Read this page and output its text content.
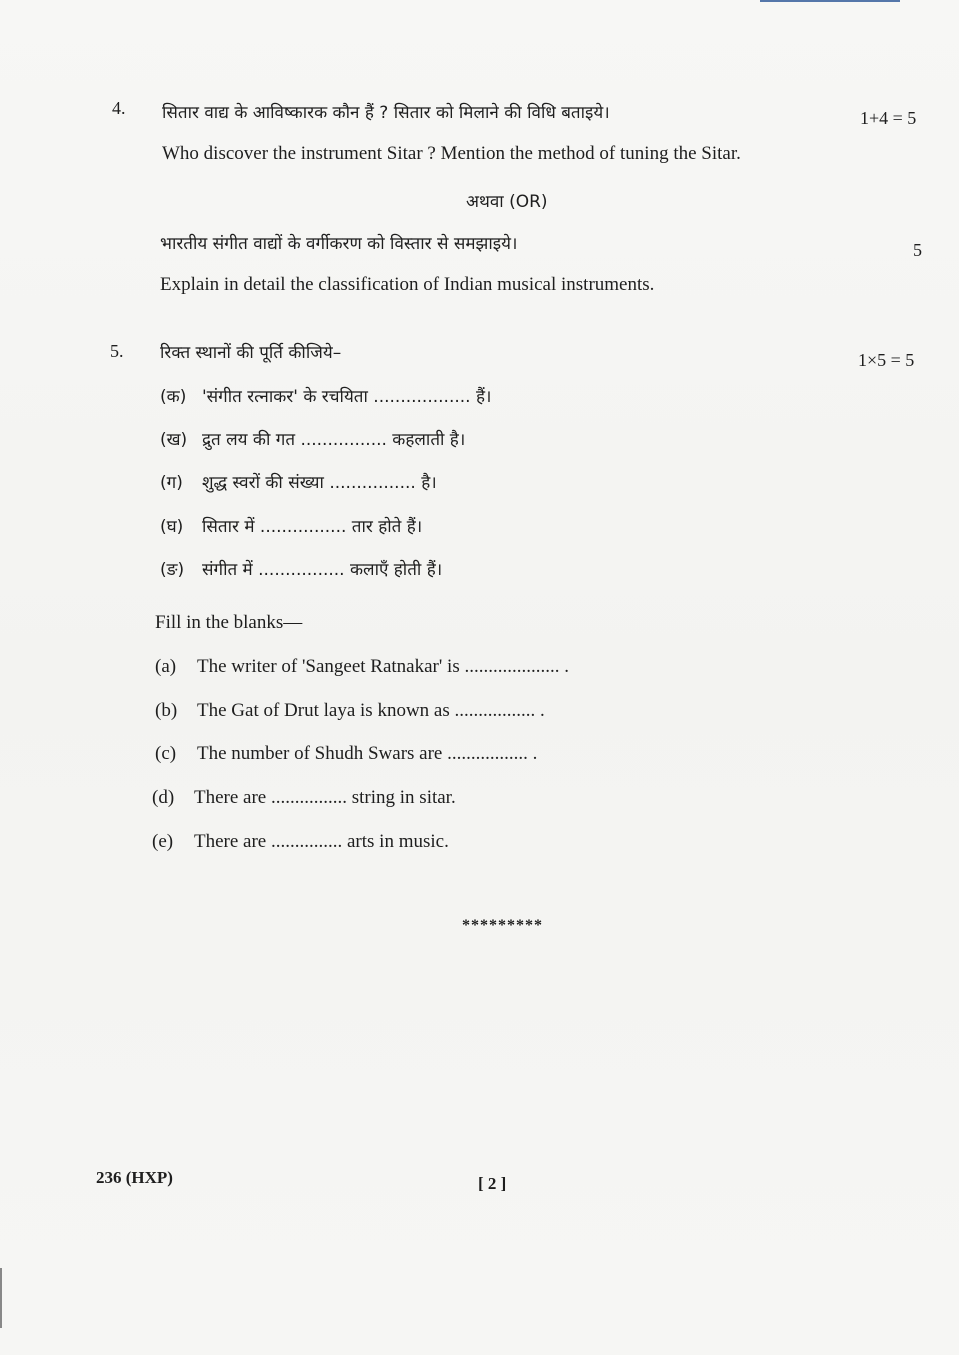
4. सितार वाद्य के आविष्कारक कौन हैं ? सितार को मिलाने की विधि बताइये।	1+4 = 5
Who discover the instrument Sitar ? Mention the method of tuning the Sitar.
अथवा (OR)
भारतीय संगीत वाद्यों के वर्गीकरण को विस्तार से समझाइये।	5
Explain in detail the classification of Indian musical instruments.
5. रिक्त स्थानों की पूर्ति कीजिये–	1×5 = 5
(क) 'संगीत रत्नाकर' के रचयिता .................. हैं।
(ख) द्रुत लय की गत ................ कहलाती है।
(ग) शुद्ध स्वरों की संख्या ................ है।
(घ) सितार में ................ तार होते हैं।
(ङ) संगीत में ................ कलाएँ होती हैं।
Fill in the blanks—
(a) The writer of 'Sangeet Ratnakar' is .................... .
(b) The Gat of Drut laya is known as ................. .
(c) The number of Shudh Swars are ................. .
(d) There are ................ string in sitar.
(e) There are ............... arts in music.
*********
236 (HXP)	[ 2 ]
